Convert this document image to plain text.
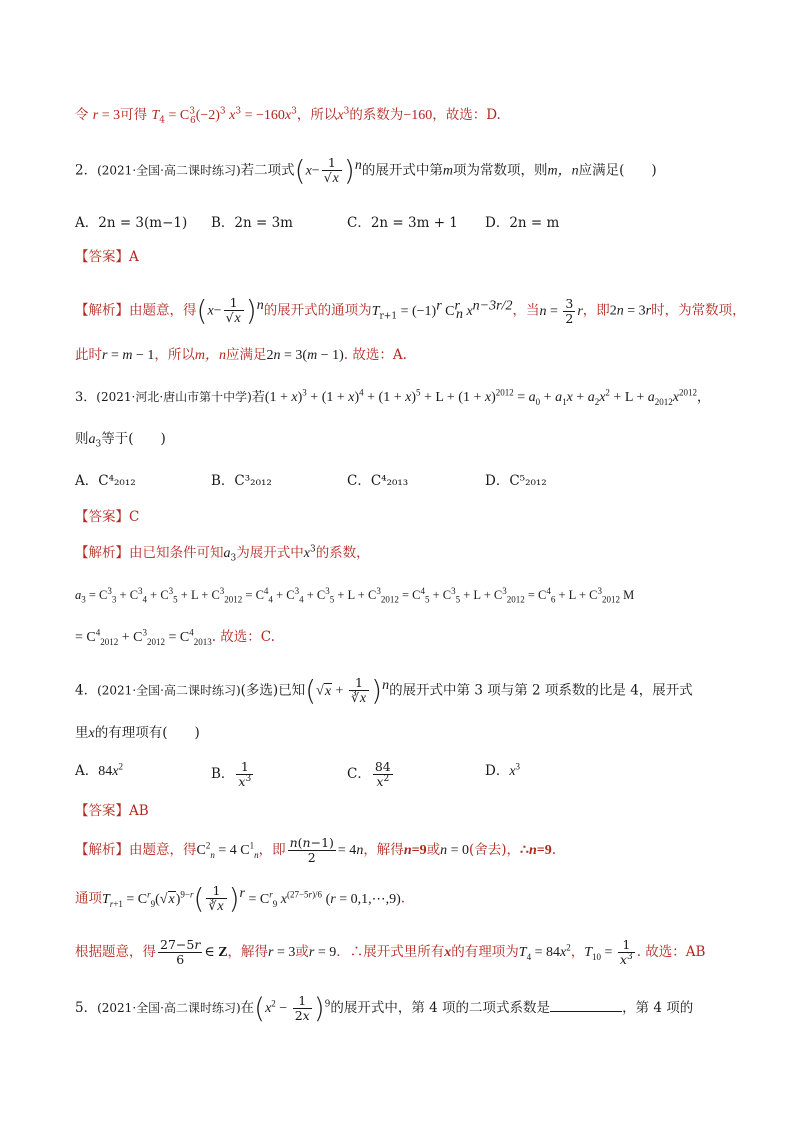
令 r = 3可得 $T_4 = C^3_6(-2)^3$ $x^3 = -160x^3$，所以$x^3$的系数为−160，故选：D.
2．(2021·全国·高二课时练习)若二项式$(x- \frac{1}{√x} )^n$的展开式中第m项为常数项，则m，n应满足(　　)
A．2n = 3(m−1) B．2n = 3m	C．2n = 3m + 1 D．2n = m
【答案】A
【解析】由题意，得$(x- \frac{1}{√x} )^n$的展开式的通项为$T_{r+1} = (-1)^r$ $C^r_n$ $x^{n-3r/2}$，当$n = \frac{3}{2}$ r，即2n = 3r时，为常数项，
此时r = m − 1，所以m，n应满足2n = 3(m − 1). 故选：A.
3．(2021·河北·唐山市第十中学)若$(1 + x)^3 + (1 + x)^4 + (1 + x)^5 + L + (1 + x)^{2012} = a_0 + a_1x + a_2x^2 + L + a_{2012}x^{2012}$，
则$a_3$等于(　　)
A．C⁴₂₀₁₂	B．C³₂₀₁₂	C．C⁴₂₀₁₃	D．C⁵₂₀₁₂
【答案】C
【解析】由已知条件可知$a_3$为展开式中$x^3$的系数，
$a_3 = C^3_3 + C^3_4 + C^3_5 + L + C^3_{2012} = C^4_4 + C^3_4 + C^3_5 + L + C^3_{2012} = C^4_5 + C^3_5 + L + C^3_{2012} = C^4_6 + L + C^3_{2012}$ M
= $C^4_{2012} + C^3_{2012} = C^4_{2013}$. 故选：C.
4．(2021·全国·高二课时练习)(多选)已知$(√x + \frac{1}{∛x} )^n$的展开式中第 3 项与第 2 项系数的比是 4，展开式
里x的有理项有(　　)
A．$84x^2$	B． $\frac{1}{x^3}$	C． $\frac{84}{x^2}$	D．$x^3$
【答案】AB
【解析】由题意，得$C^2_n = 4$ $C^1_n$，即 $\frac{n(n-1)}{2} = 4n$，解得n=9或n = 0(舍去)，∴n=9.
通项$T_{r+1} = C^r_9(√x)^{9-r}( \frac{1}{∛x} )^r = C^r_9$ $x^{(27-5r)/6}$ (r = 0,1,⋯,9).
根据题意，得 $\frac{27-5r}{6}$ ∈ Z，解得r = 3或r = 9．∴展开式里所有x的有理项为$T_4 = 84x^2$，$T_{10} = \frac{1}{x^3}$ . 故选：AB
5．(2021·全国·高二课时练习)在$(x^2 - \frac{1}{2x} )^9$的展开式中，第 4 项的二项式系数是	，第 4 项的
